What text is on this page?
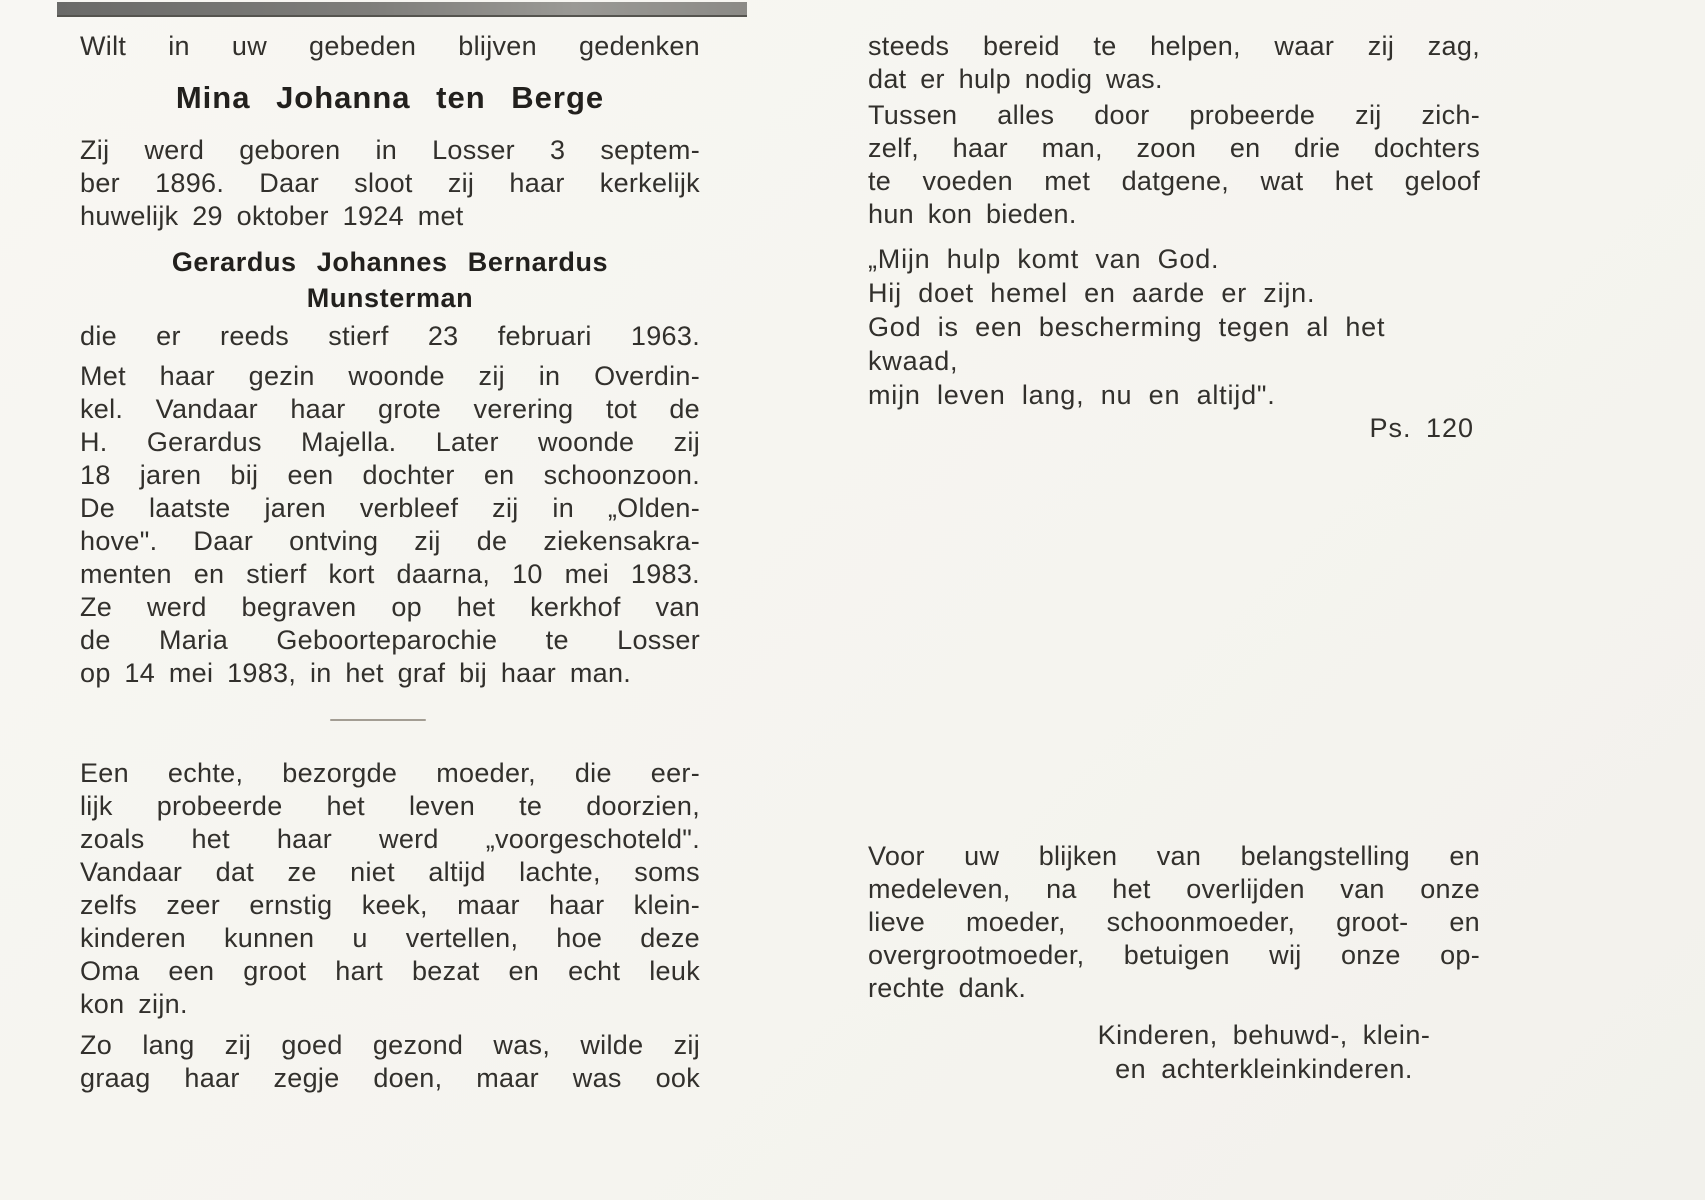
Wilt in uw gebeden blijven gedenken
Mina Johanna ten Berge
Zij werd geboren in Losser 3 septem-
ber 1896. Daar sloot zij haar kerkelijk
huwelijk 29 oktober 1924 met
Gerardus Johannes Bernardus
Munsterman
die er reeds stierf 23 februari 1963.
Met haar gezin woonde zij in Overdin-
kel. Vandaar haar grote verering tot de
H. Gerardus Majella. Later woonde zij
18 jaren bij een dochter en schoonzoon.
De laatste jaren verbleef zij in „Olden-
hove". Daar ontving zij de ziekensakra-
menten en stierf kort daarna, 10 mei 1983.
Ze werd begraven op het kerkhof van
de Maria Geboorteparochie te Losser
op 14 mei 1983, in het graf bij haar man.
Een echte, bezorgde moeder, die eer-
lijk probeerde het leven te doorzien,
zoals het haar werd „voorgeschoteld".
Vandaar dat ze niet altijd lachte, soms
zelfs zeer ernstig keek, maar haar klein-
kinderen kunnen u vertellen, hoe deze
Oma een groot hart bezat en echt leuk
kon zijn.
Zo lang zij goed gezond was, wilde zij
graag haar zegje doen, maar was ook
steeds bereid te helpen, waar zij zag,
dat er hulp nodig was.
Tussen alles door probeerde zij zich-
zelf, haar man, zoon en drie dochters
te voeden met datgene, wat het geloof
hun kon bieden.
„Mijn hulp komt van God.
Hij doet hemel en aarde er zijn.
God is een bescherming tegen al het
kwaad,
mijn leven lang, nu en altijd".
Ps. 120
Voor uw blijken van belangstelling en
medeleven, na het overlijden van onze
lieve moeder, schoonmoeder, groot- en
overgrootmoeder, betuigen wij onze op-
rechte dank.
Kinderen, behuwd-, klein-
en achterkleinkinderen.
